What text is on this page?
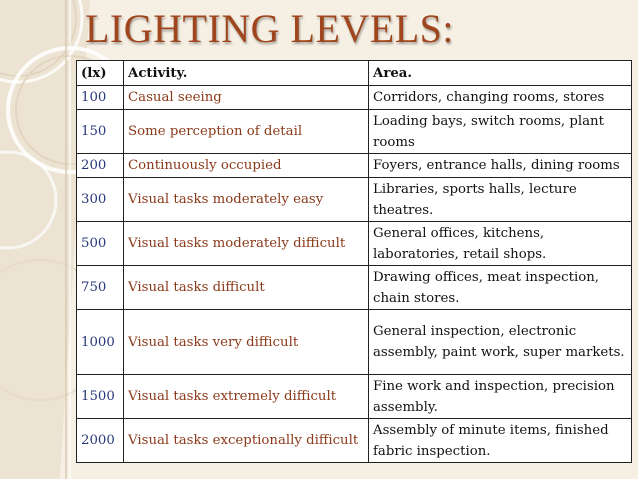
LIGHTING LEVELS:
(lx)	Activity.	Area.
100	Casual seeing	Corridors, changing rooms, stores
150	Some perception of detail	Loading bays, switch rooms, plant rooms
200	Continuously occupied	Foyers, entrance halls, dining rooms
300	Visual tasks moderately easy	Libraries, sports halls, lecture theatres.
500	Visual tasks moderately difficult	General offices, kitchens, laboratories, retail shops.
750	Visual tasks difficult	Drawing offices, meat inspection, chain stores.
1000	Visual tasks very difficult	General inspection, electronic assembly, paint work, super markets.
1500	Visual tasks extremely difficult	Fine work and inspection, precision assembly.
2000	Visual tasks exceptionally difficult	Assembly of minute items, finished fabric inspection.
